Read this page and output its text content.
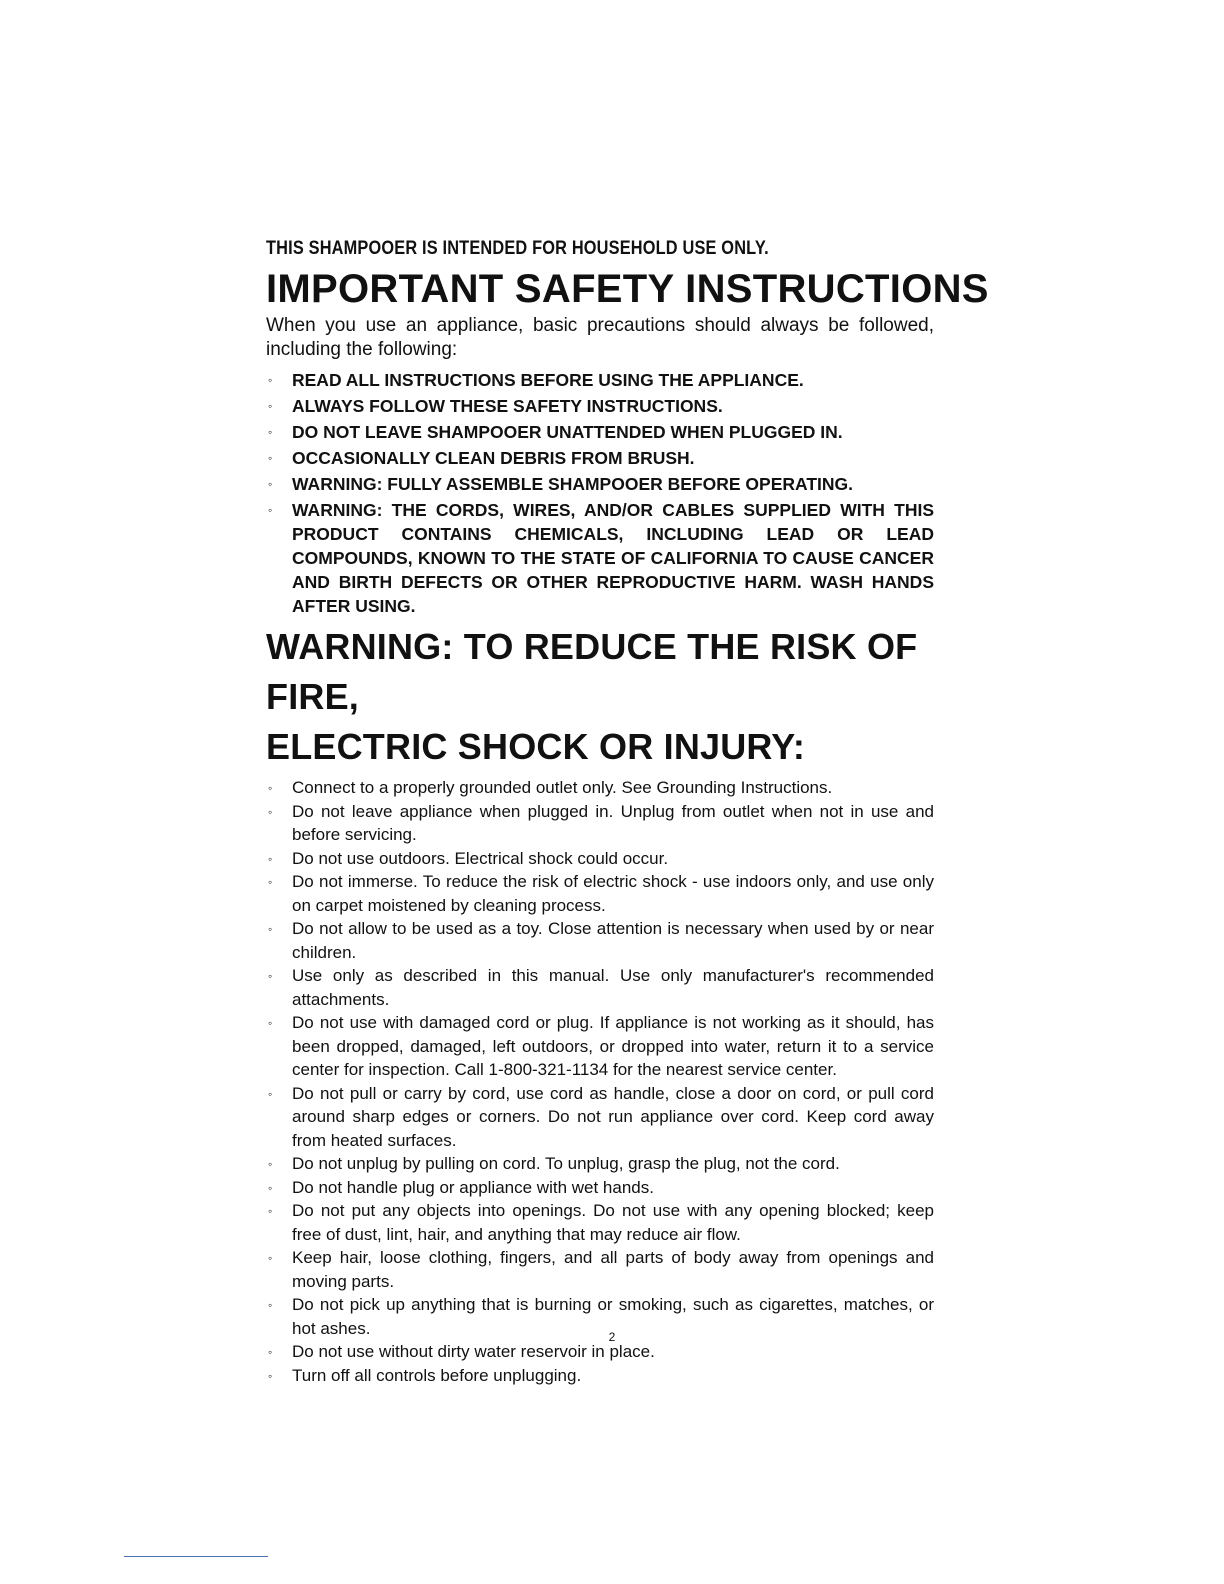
THIS SHAMPOOER IS INTENDED FOR HOUSEHOLD USE ONLY.

IMPORTANT SAFETY INSTRUCTIONS

When you use an appliance, basic precautions should always be followed, including the following:

◦ READ ALL INSTRUCTIONS BEFORE USING THE APPLIANCE.
◦ ALWAYS FOLLOW THESE SAFETY INSTRUCTIONS.
◦ DO NOT LEAVE SHAMPOOER UNATTENDED WHEN PLUGGED IN.
◦ OCCASIONALLY CLEAN DEBRIS FROM BRUSH.
◦ WARNING: FULLY ASSEMBLE SHAMPOOER BEFORE OPERATING.
◦ WARNING: THE CORDS, WIRES, AND/OR CABLES SUPPLIED WITH THIS PRODUCT CONTAINS CHEMICALS, INCLUDING LEAD OR LEAD COMPOUNDS, KNOWN TO THE STATE OF CALIFORNIA TO CAUSE CANCER AND BIRTH DEFECTS OR OTHER REPRODUCTIVE HARM. WASH HANDS AFTER USING.
WARNING: TO REDUCE THE RISK OF FIRE,
ELECTRIC SHOCK OR INJURY:
◦ Connect to a properly grounded outlet only. See Grounding Instructions.
◦ Do not leave appliance when plugged in. Unplug from outlet when not in use and before servicing.
◦ Do not use outdoors. Electrical shock could occur.
◦ Do not immerse. To reduce the risk of electric shock - use indoors only, and use only on carpet moistened by cleaning process.
◦ Do not allow to be used as a toy. Close attention is necessary when used by or near children.
◦ Use only as described in this manual. Use only manufacturer's recommended attachments.
◦ Do not use with damaged cord or plug. If appliance is not working as it should, has been dropped, damaged, left outdoors, or dropped into water, return it to a service center for inspection. Call 1-800-321-1134 for the nearest service center.
◦ Do not pull or carry by cord, use cord as handle, close a door on cord, or pull cord around sharp edges or corners. Do not run appliance over cord. Keep cord away from heated surfaces.
◦ Do not unplug by pulling on cord. To unplug, grasp the plug, not the cord.
◦ Do not handle plug or appliance with wet hands.
◦ Do not put any objects into openings. Do not use with any opening blocked; keep free of dust, lint, hair, and anything that may reduce air flow.
◦ Keep hair, loose clothing, fingers, and all parts of body away from openings and moving parts.
◦ Do not pick up anything that is burning or smoking, such as cigarettes, matches, or hot ashes.
◦ Do not use without dirty water reservoir in place.
◦ Turn off all controls before unplugging.
2
